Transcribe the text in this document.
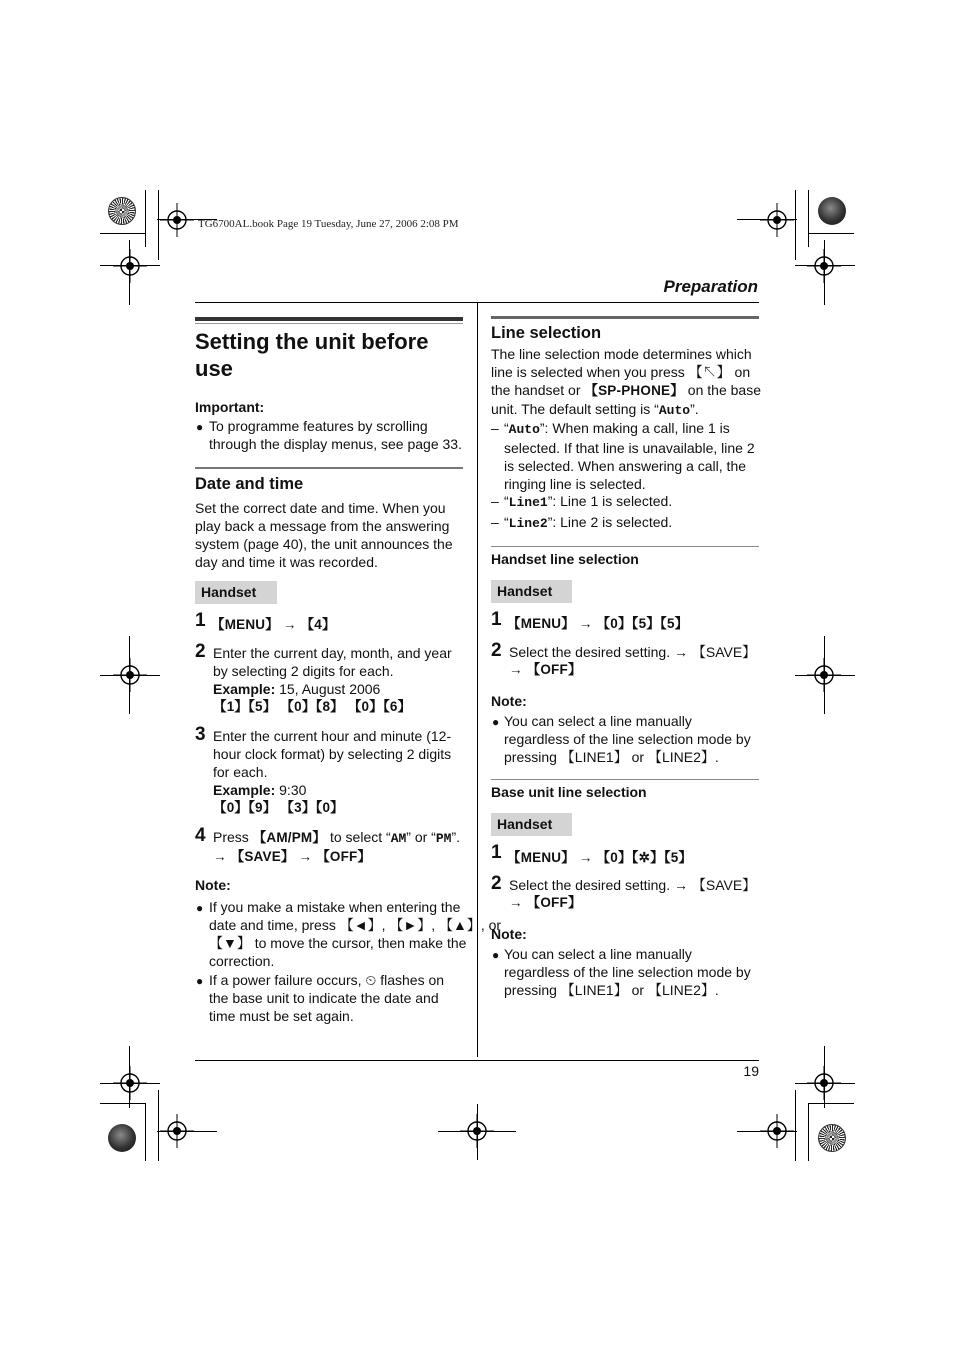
TG6700AL.book Page 19 Tuesday, June 27, 2006 2:08 PM
Preparation
19
Setting the unit before
use
Important:
● To programme features by scrolling
through the display menus, see page 33.
Date and time
Set the correct date and time. When you
play back a message from the answering
system (page 40), the unit announces the
day and time it was recorded.
Handset
1 【MENU】 → 【4】
2 Enter the current day, month, and year
by selecting 2 digits for each.
Example: 15, August 2006
【1】【5】 【0】【8】 【0】【6】
3 Enter the current hour and minute (12-
hour clock format) by selecting 2 digits
for each.
Example: 9:30
【0】【9】 【3】【0】
4 Press 【AM/PM】 to select “AM” or “PM”.
→ 【SAVE】 → 【OFF】
Note:
● If you make a mistake when entering the
date and time, press 【◄】, 【►】, 【▲】, or
【▼】 to move the cursor, then make the
correction.
● If a power failure occurs, ⏲ flashes on
the base unit to indicate the date and
time must be set again.
Line selection
The line selection mode determines which
line is selected when you press 【↖】 on
the handset or 【SP-PHONE】 on the base
unit. The default setting is “Auto”.
– “Auto”: When making a call, line 1 is
selected. If that line is unavailable, line 2
is selected. When answering a call, the
ringing line is selected.
– “Line1”: Line 1 is selected.
– “Line2”: Line 2 is selected.
Handset line selection
Handset
1 【MENU】 → 【0】【5】【5】
2 Select the desired setting. → 【SAVE】
→ 【OFF】
Note:
● You can select a line manually
regardless of the line selection mode by
pressing 【LINE1】 or 【LINE2】.
Base unit line selection
Handset
1 【MENU】 → 【0】【✲】【5】
2 Select the desired setting. → 【SAVE】
→ 【OFF】
Note:
● You can select a line manually
regardless of the line selection mode by
pressing 【LINE1】 or 【LINE2】.
